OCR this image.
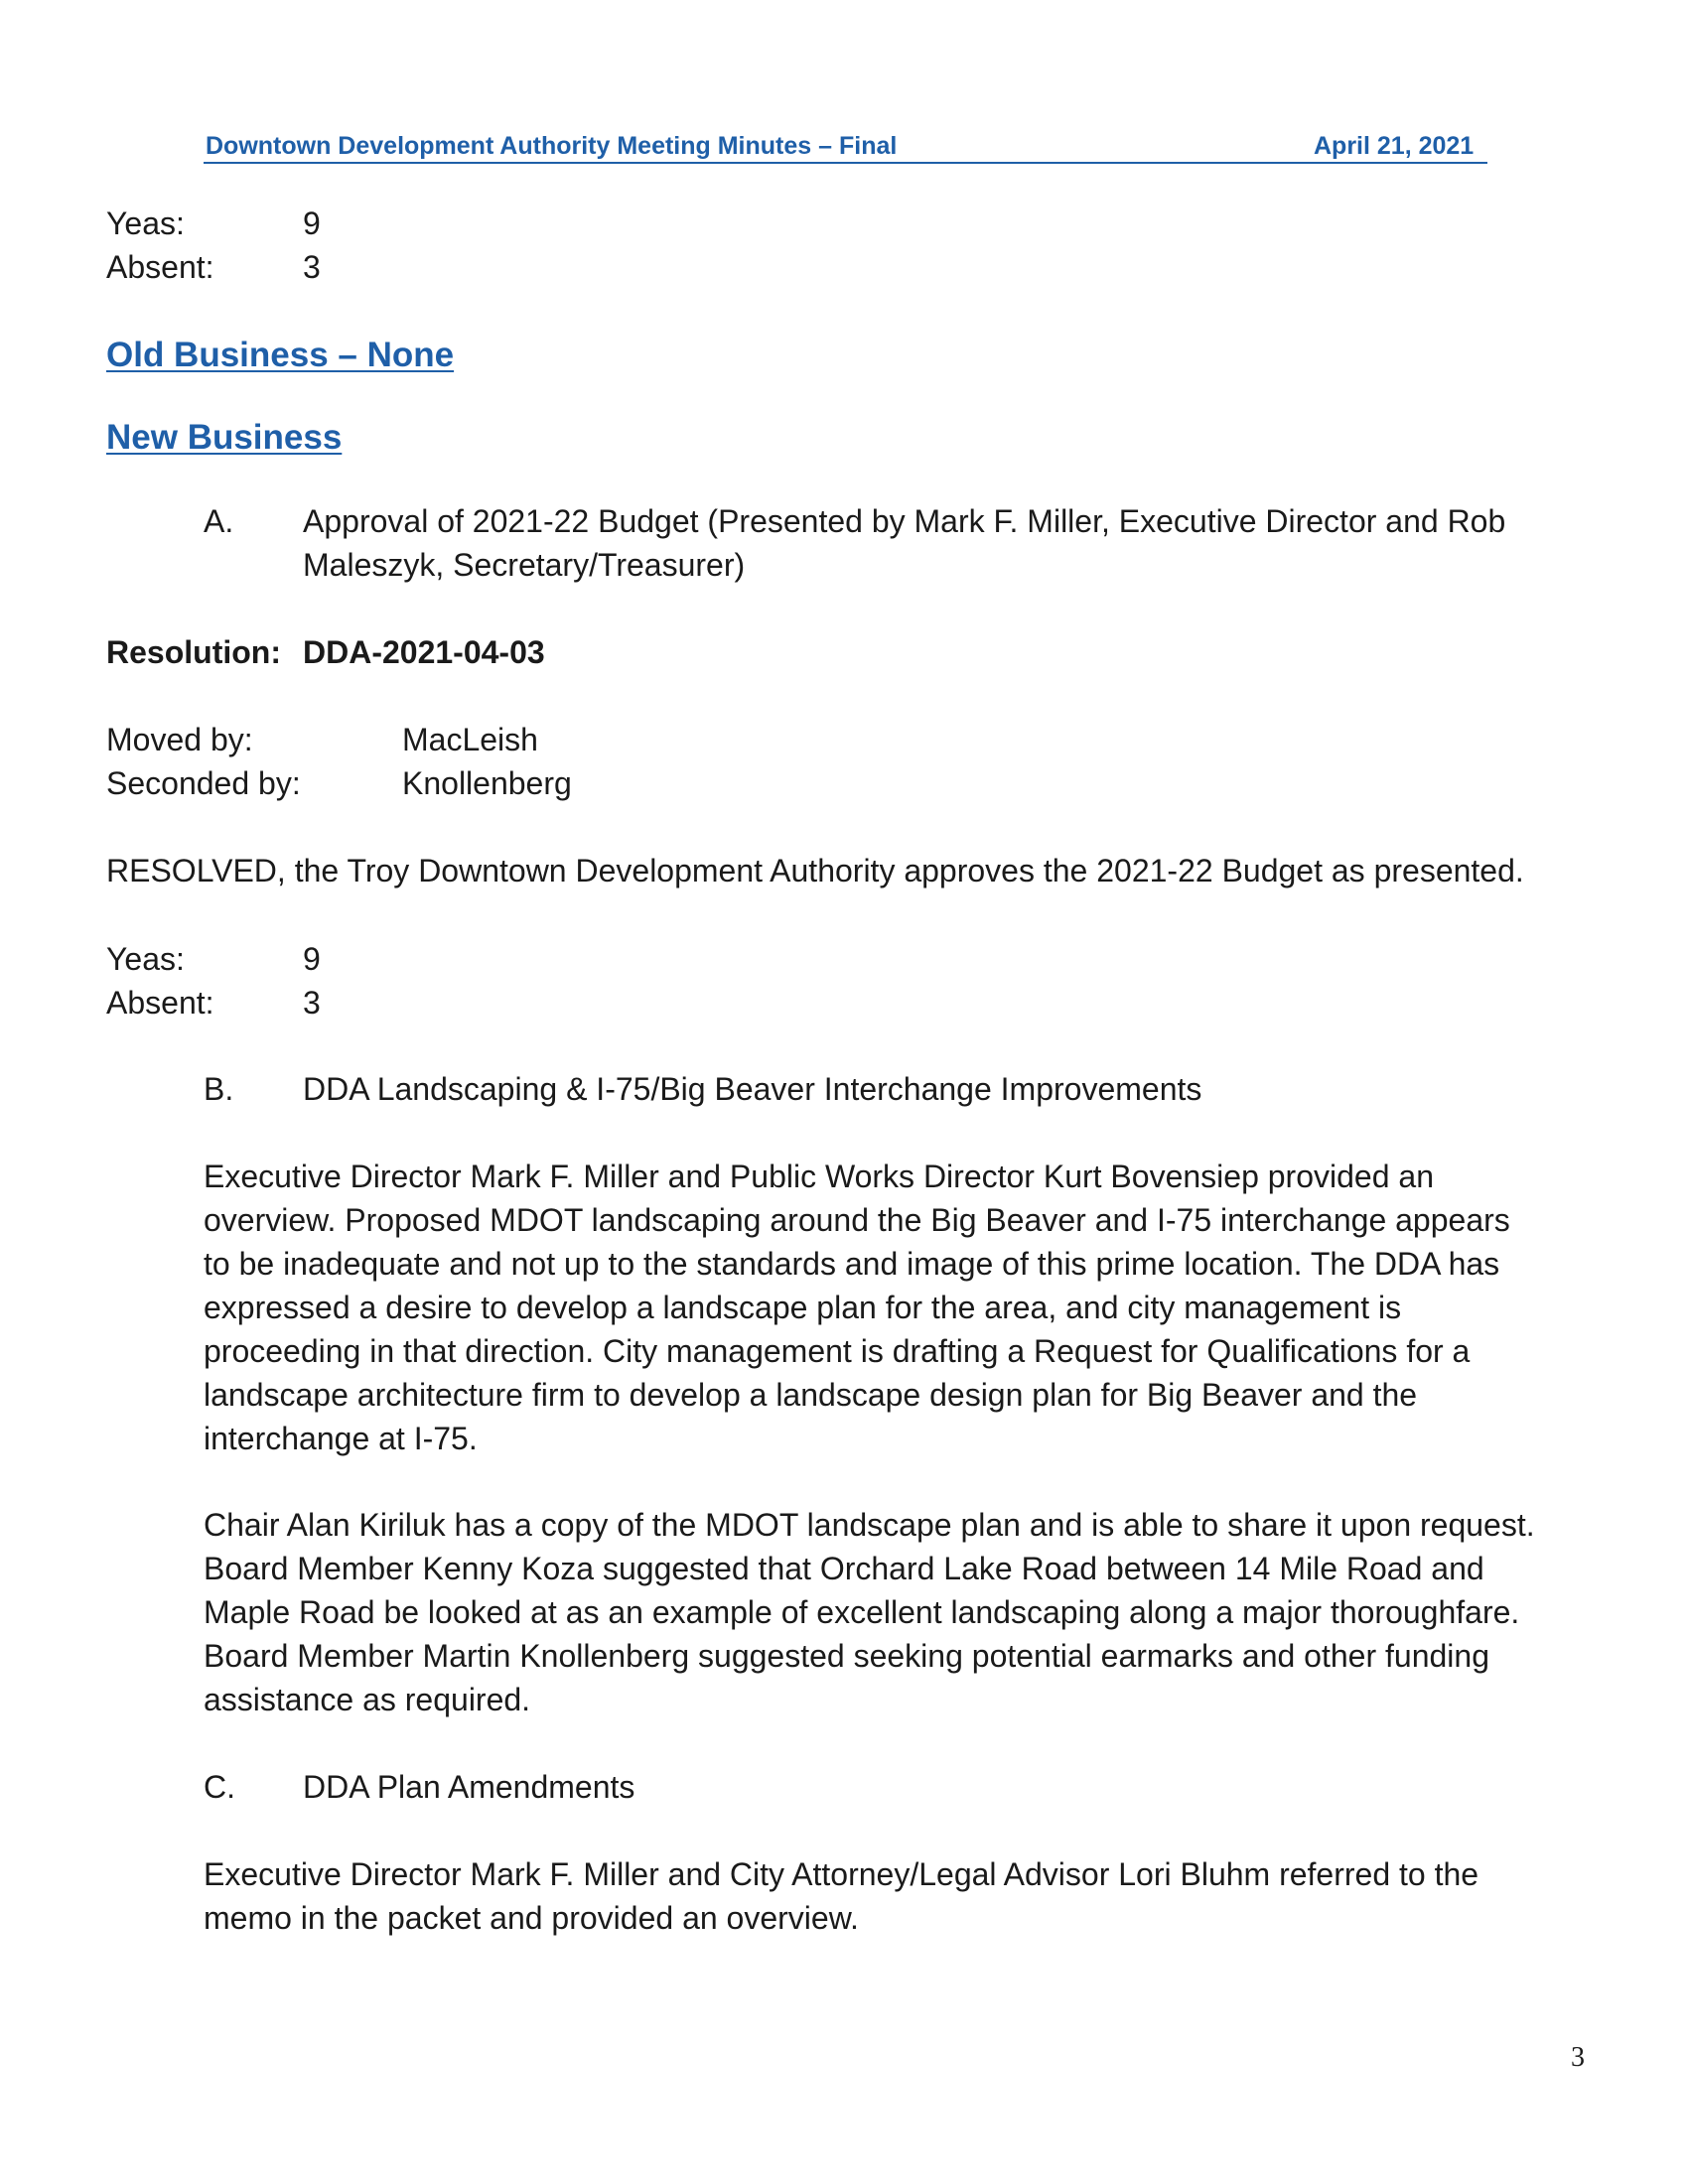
Downtown Development Authority Meeting Minutes – Final	April 21, 2021
Yeas:	9
Absent:	3
Old Business – None
New Business
A. Approval of 2021-22 Budget (Presented by Mark F. Miller, Executive Director and Rob
Maleszyk, Secretary/Treasurer)
Resolution: DDA-2021-04-03
Moved by:	MacLeish
Seconded by:	Knollenberg
RESOLVED, the Troy Downtown Development Authority approves the 2021-22 Budget as presented.
Yeas:	9
Absent:	3
B. DDA Landscaping & I-75/Big Beaver Interchange Improvements
Executive Director Mark F. Miller and Public Works Director Kurt Bovensiep provided an
overview. Proposed MDOT landscaping around the Big Beaver and I-75 interchange appears
to be inadequate and not up to the standards and image of this prime location. The DDA has
expressed a desire to develop a landscape plan for the area, and city management is
proceeding in that direction. City management is drafting a Request for Qualifications for a
landscape architecture firm to develop a landscape design plan for Big Beaver and the
interchange at I-75.
Chair Alan Kiriluk has a copy of the MDOT landscape plan and is able to share it upon request.
Board Member Kenny Koza suggested that Orchard Lake Road between 14 Mile Road and
Maple Road be looked at as an example of excellent landscaping along a major thoroughfare.
Board Member Martin Knollenberg suggested seeking potential earmarks and other funding
assistance as required.
C. DDA Plan Amendments
Executive Director Mark F. Miller and City Attorney/Legal Advisor Lori Bluhm referred to the
memo in the packet and provided an overview.
3
